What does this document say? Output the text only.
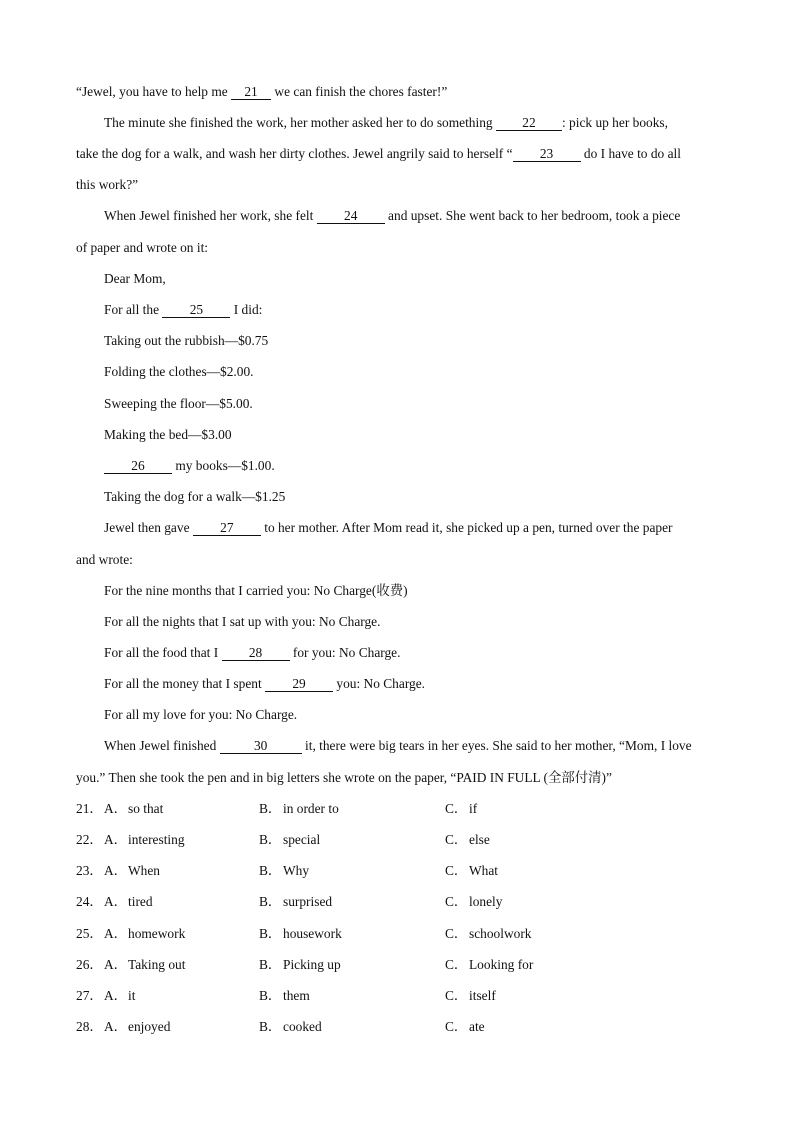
“Jewel, you have to help me 21 we can finish the chores faster!”
The minute she finished the work, her mother asked her to do something 22 : pick up her books,
take the dog for a walk, and wash her dirty clothes. Jewel angrily said to herself “ 23 do I have to do all
this work?”
When Jewel finished her work, she felt 24 and upset. She went back to her bedroom, took a piece
of paper and wrote on it:
Dear Mom,
For all the 25 I did:
Taking out the rubbish—$0.75
Folding the clothes—$2.00.
Sweeping the floor—$5.00.
Making the bed—$3.00
26 my books—$1.00.
Taking the dog for a walk—$1.25
Jewel then gave 27 to her mother. After Mom read it, she picked up a pen, turned over the paper
and wrote:
For the nine months that I carried you: No Charge(收费)
For all the nights that I sat up with you: No Charge.
For all the food that I 28 for you: No Charge.
For all the money that I spent 29 you: No Charge.
For all my love for you: No Charge.
When Jewel finished	30	it, there were big tears in her eyes. She said to her mother, “Mom, I love
you.” Then she took the pen and in big letters she wrote on the paper, “PAID IN FULL (全部付清)”
21． A．so that	B． in order to	C． if
22． A．interesting	B． special	C． else
23． A．When	B． Why	C． What
24． A．tired	B． surprised	C． lonely
25． A．homework	B． housework	C． schoolwork
26． A．Taking out	B． Picking up	C． Looking for
27． A．it	B． them	C． itself
28． A．enjoyed	B． cooked	C． ate
